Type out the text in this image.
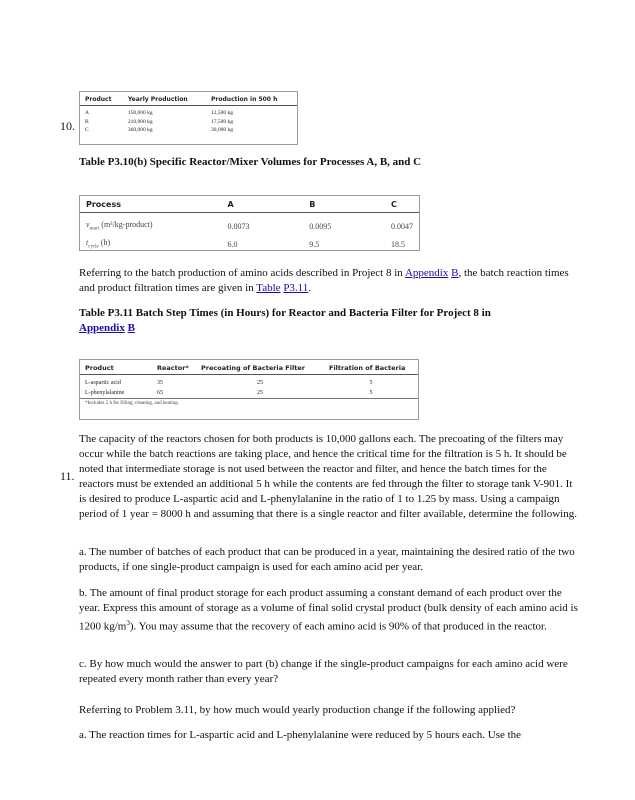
10.
Product	Yearly Production	Production in 500 h
A	150,000 kg	12,500 kg
B	210,000 kg	17,500 kg
C	360,000 kg	30,000 kg
Table P3.10(b) Specific Reactor/Mixer Volumes for Processes A, B, and C
Process	A	B	C
$v_{react}$ (m³/kg-product)	0.0073	0.0095	0.0047
$t_{cycle}$ (h)	6.0	9.5	18.5
Referring to the batch production of amino acids described in Project 8 in Appendix B, the batch reaction times and product filtration times are given in Table P3.11.
Table P3.11 Batch Step Times (in Hours) for Reactor and Bacteria Filter for Project 8 in
Appendix B
Product	Reactor*	Precoating of Bacteria Filter	Filtration of Bacteria
L-aspartic acid	35	25	5
L-phenylalanine	65	25	5
*Includes 5 h for filling, cleaning, and heating.			
11.
The capacity of the reactors chosen for both products is 10,000 gallons each. The precoating of the filters may occur while the batch reactions are taking place, and hence the critical time for the filtration is 5 h. It should be noted that intermediate storage is not used between the reactor and filter, and hence the batch times for the reactors must be extended an additional 5 h while the contents are fed through the filter to storage tank V-901. It is desired to produce L-aspartic acid and L-phenylalanine in the ratio of 1 to 1.25 by mass. Using a campaign period of 1 year = 8000 h and assuming that there is a single reactor and filter available, determine the following.
a. The number of batches of each product that can be produced in a year, maintaining the desired ratio of the two products, if one single-product campaign is used for each amino acid per year.
b. The amount of final product storage for each product assuming a constant demand of each product over the year. Express this amount of storage as a volume of final solid crystal product (bulk density of each amino acid is 1200 $kg/m^3$). You may assume that the recovery of each amino acid is 90% of that produced in the reactor.
c. By how much would the answer to part (b) change if the single-product campaigns for each amino acid were repeated every month rather than every year?
Referring to Problem 3.11, by how much would yearly production change if the following applied?
a. The reaction times for L-aspartic acid and L-phenylalanine were reduced by 5 hours each. Use the
